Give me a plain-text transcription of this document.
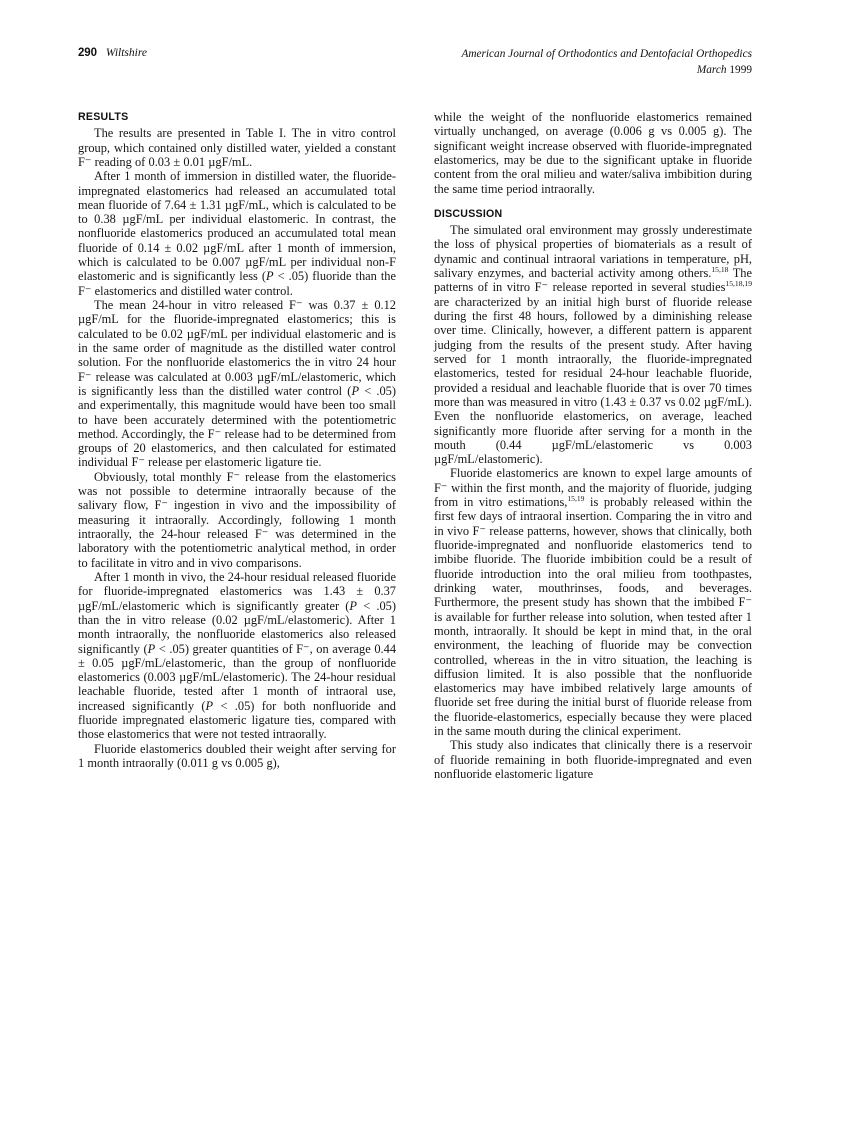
290 Wiltshire	American Journal of Orthodontics and Dentofacial Orthopedics
March 1999
RESULTS

The results are presented in Table I. The in vitro control group, which contained only distilled water, yielded a constant F⁻ reading of 0.03 ± 0.01 µgF/mL.

After 1 month of immersion in distilled water, the fluoride-impregnated elastomerics had released an accumulated total mean fluoride of 7.64 ± 1.31 µgF/mL, which is calculated to be to 0.38 µgF/mL per individual elastomeric. In contrast, the nonfluoride elastomerics produced an accumulated total mean fluoride of 0.14 ± 0.02 µgF/mL after 1 month of immersion, which is calculated to be 0.007 µgF/mL per individual non-F elastomeric and is significantly less (P < .05) fluoride than the F⁻ elastomerics and distilled water control.

The mean 24-hour in vitro released F⁻ was 0.37 ± 0.12 µgF/mL for the fluoride-impregnated elastomerics; this is calculated to be 0.02 µgF/mL per individual elastomeric and is in the same order of magnitude as the distilled water control solution. For the nonfluoride elastomerics the in vitro 24 hour F⁻ release was calculated at 0.003 µgF/mL/elastomeric, which is significantly less than the distilled water control (P < .05) and experimentally, this magnitude would have been too small to have been accurately determined with the potentiometric method. Accordingly, the F⁻ release had to be determined from groups of 20 elastomerics, and then calculated for estimated individual F⁻ release per elastomeric ligature tie.

Obviously, total monthly F⁻ release from the elastomerics was not possible to determine intraorally because of the salivary flow, F⁻ ingestion in vivo and the impossibility of measuring it intraorally. Accordingly, following 1 month intraorally, the 24-hour released F⁻ was determined in the laboratory with the potentiometric analytical method, in order to facilitate in vitro and in vivo comparisons.

After 1 month in vivo, the 24-hour residual released fluoride for fluoride-impregnated elastomerics was 1.43 ± 0.37 µgF/mL/elastomeric which is significantly greater (P < .05) than the in vitro release (0.02 µgF/mL/elastomeric). After 1 month intraorally, the nonfluoride elastomerics also released significantly (P < .05) greater quantities of F⁻, on average 0.44 ± 0.05 µgF/mL/elastomeric, than the group of nonfluoride elastomerics (0.003 µgF/mL/elastomeric). The 24-hour residual leachable fluoride, tested after 1 month of intraoral use, increased significantly (P < .05) for both nonfluoride and fluoride impregnated elastomeric ligature ties, compared with those elastomerics that were not tested intraorally.

Fluoride elastomerics doubled their weight after serving for 1 month intraorally (0.011 g vs 0.005 g),

while the weight of the nonfluoride elastomerics remained virtually unchanged, on average (0.006 g vs 0.005 g). The significant weight increase observed with fluoride-impregnated elastomerics, may be due to the significant uptake in fluoride content from the oral milieu and water/saliva imbibition during the same time period intraorally.

DISCUSSION

The simulated oral environment may grossly underestimate the loss of physical properties of biomaterials as a result of dynamic and continual intraoral variations in temperature, pH, salivary enzymes, and bacterial activity among others.$^{15,18}$ The patterns of in vitro F⁻ release reported in several studies$^{15,18,19}$ are characterized by an initial high burst of fluoride release during the first 48 hours, followed by a diminishing release over time. Clinically, however, a different pattern is apparent judging from the results of the present study. After having served for 1 month intraorally, the fluoride-impregnated elastomerics, tested for residual 24-hour leachable fluoride, provided a residual and leachable fluoride that is over 70 times more than was measured in vitro (1.43 ± 0.37 vs 0.02 µgF/mL). Even the nonfluoride elastomerics, on average, leached significantly more fluoride after serving for a month in the mouth (0.44 µgF/mL/elastomeric vs 0.003 µgF/mL/elastomeric).

Fluoride elastomerics are known to expel large amounts of F⁻ within the first month, and the majority of fluoride, judging from in vitro estimations,$^{15,19}$ is probably released within the first few days of intraoral insertion. Comparing the in vitro and in vivo F⁻ release patterns, however, shows that clinically, both fluoride-impregnated and nonfluoride elastomerics tend to imbibe fluoride. The fluoride imbibition could be a result of fluoride introduction into the oral milieu from toothpastes, drinking water, mouthrinses, foods, and beverages. Furthermore, the present study has shown that the imbibed F⁻ is available for further release into solution, when tested after 1 month, intraorally. It should be kept in mind that, in the oral environment, the leaching of fluoride may be convection controlled, whereas in the in vitro situation, the leaching is diffusion limited. It is also possible that the nonfluoride elastomerics may have imbibed relatively large amounts of fluoride set free during the initial burst of fluoride release from the fluoride-elastomerics, especially because they were placed in the same mouth during the clinical experiment.

This study also indicates that clinically there is a reservoir of fluoride remaining in both fluoride-impregnated and even nonfluoride elastomeric ligature
